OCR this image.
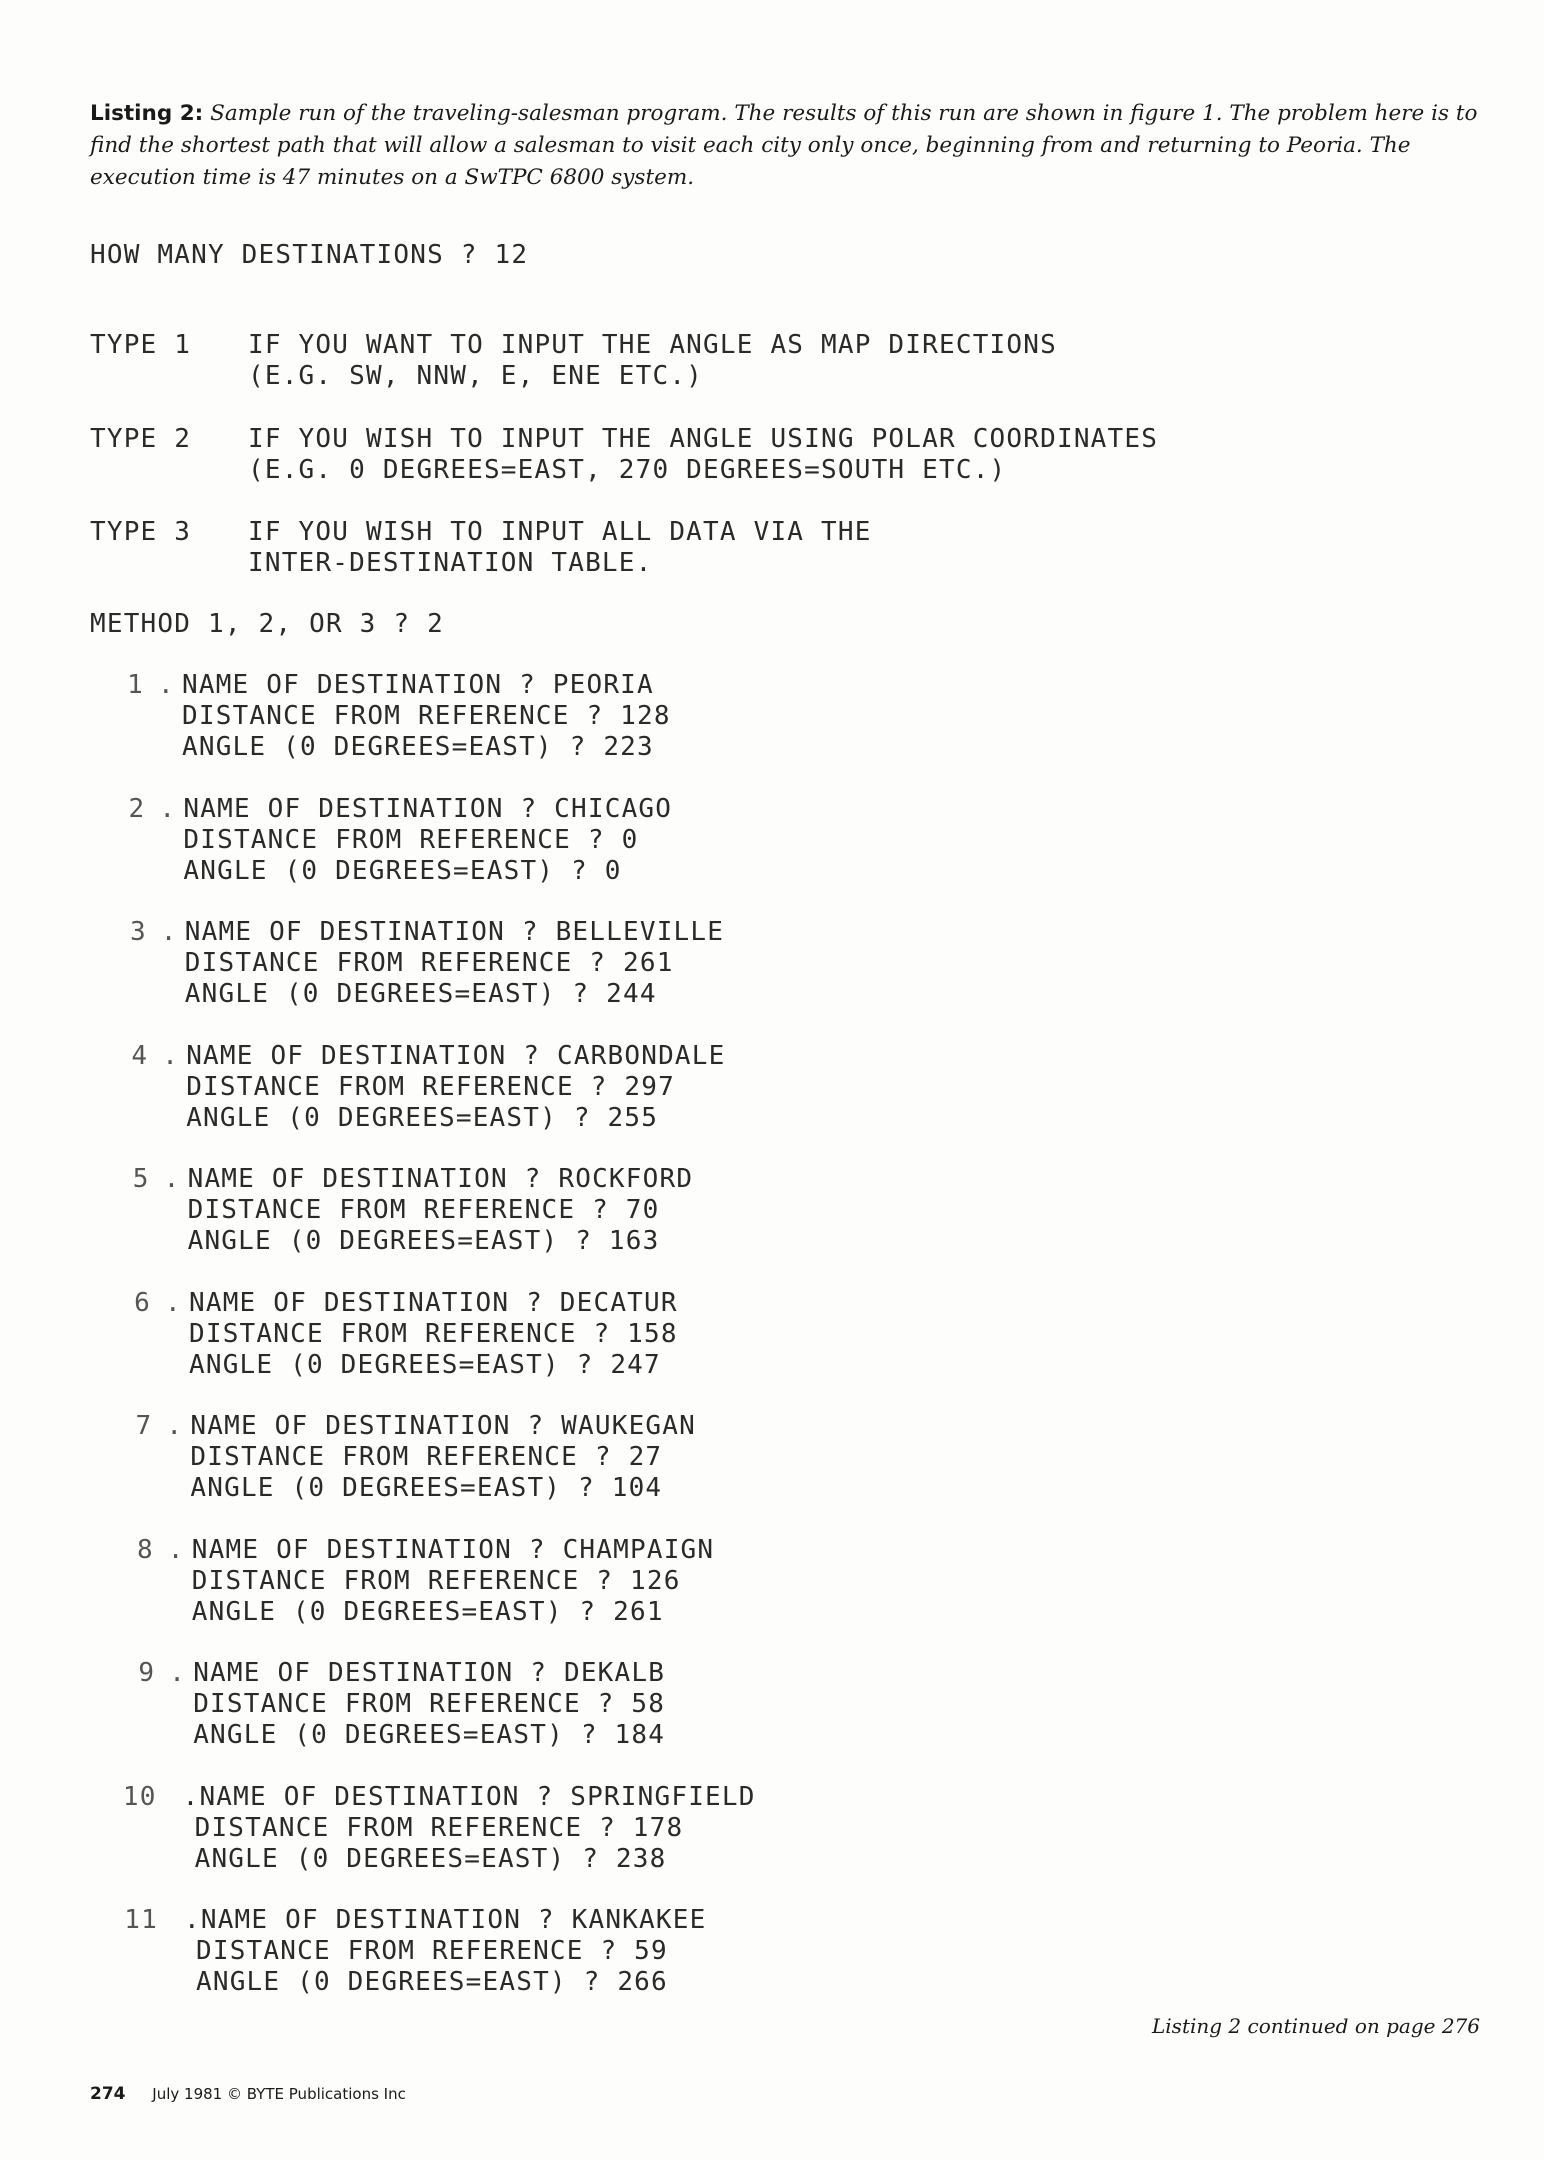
Listing 2: Sample run of the traveling-salesman program. The results of this run are shown in figure 1. The problem here is to find the shortest path that will allow a salesman to visit each city only once, beginning from and returning to Peoria. The execution time is 47 minutes on a SwTPC 6800 system.
HOW MANY DESTINATIONS ? 12
TYPE 1 IF YOU WANT TO INPUT THE ANGLE AS MAP DIRECTIONS
(E.G. SW, NNW, E, ENE ETC.)
TYPE 2 IF YOU WISH TO INPUT THE ANGLE USING POLAR COORDINATES
(E.G. 0 DEGREES=EAST, 270 DEGREES=SOUTH ETC.)
TYPE 3 IF YOU WISH TO INPUT ALL DATA VIA THE
INTER-DESTINATION TABLE.
METHOD 1, 2, OR 3 ? 2
1 . NAME OF DESTINATION ? PEORIA
DISTANCE FROM REFERENCE ? 128
ANGLE (0 DEGREES=EAST) ? 223
2 . NAME OF DESTINATION ? CHICAGO
DISTANCE FROM REFERENCE ? 0
ANGLE (0 DEGREES=EAST) ? 0
3 . NAME OF DESTINATION ? BELLEVILLE
DISTANCE FROM REFERENCE ? 261
ANGLE (0 DEGREES=EAST) ? 244
4 . NAME OF DESTINATION ? CARBONDALE
DISTANCE FROM REFERENCE ? 297
ANGLE (0 DEGREES=EAST) ? 255
5 . NAME OF DESTINATION ? ROCKFORD
DISTANCE FROM REFERENCE ? 70
ANGLE (0 DEGREES=EAST) ? 163
6 . NAME OF DESTINATION ? DECATUR
DISTANCE FROM REFERENCE ? 158
ANGLE (0 DEGREES=EAST) ? 247
7 . NAME OF DESTINATION ? WAUKEGAN
DISTANCE FROM REFERENCE ? 27
ANGLE (0 DEGREES=EAST) ? 104
8 . NAME OF DESTINATION ? CHAMPAIGN
DISTANCE FROM REFERENCE ? 126
ANGLE (0 DEGREES=EAST) ? 261
9 . NAME OF DESTINATION ? DEKALB
DISTANCE FROM REFERENCE ? 58
ANGLE (0 DEGREES=EAST) ? 184
10 .NAME OF DESTINATION ? SPRINGFIELD
DISTANCE FROM REFERENCE ? 178
ANGLE (0 DEGREES=EAST) ? 238
11 .NAME OF DESTINATION ? KANKAKEE
DISTANCE FROM REFERENCE ? 59
ANGLE (0 DEGREES=EAST) ? 266
Listing 2 continued on page 276
274 July 1981 © BYTE Publications Inc
